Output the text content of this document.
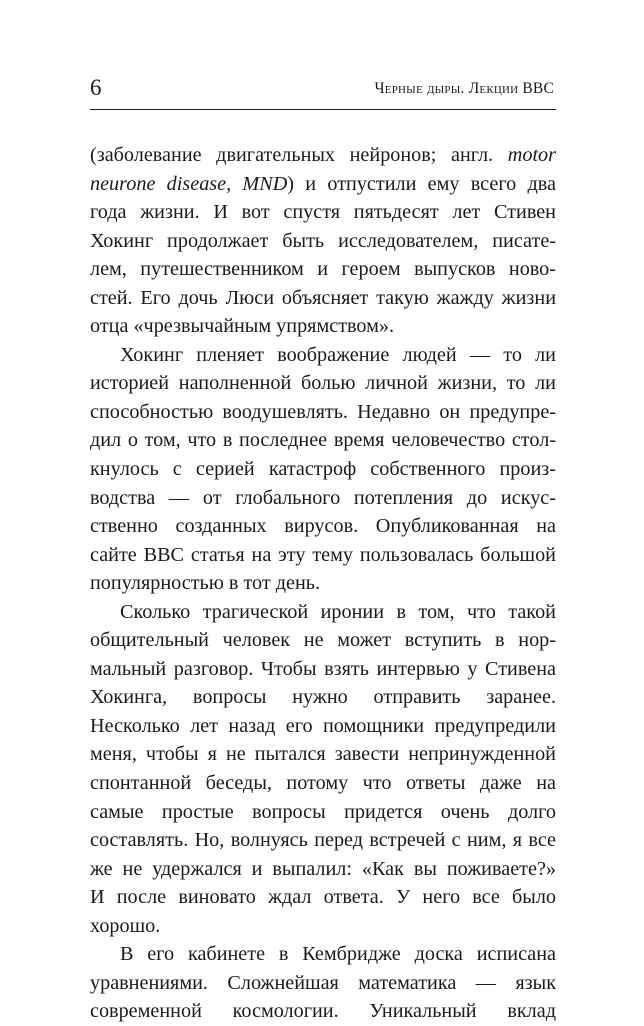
6	Черные дыры. Лекции BBC
(заболевание двигательных нейронов; англ. motor
neurone disease, MND) и отпустили ему всего два
года жизни. И вот спустя пятьдесят лет Стивен
Хокинг продолжает быть исследователем, писате-
лем, путешественником и героем выпусков ново-
стей. Его дочь Люси объясняет такую жажду жизни
отца «чрезвычайным упрямством».
Хокинг пленяет воображение людей — то ли
историей наполненной болью личной жизни, то ли
способностью воодушевлять. Недавно он предупре-
дил о том, что в последнее время человечество стол-
кнулось с серией катастроф собственного произ-
водства — от глобального потепления до искус-
ственно созданных вирусов. Опубликованная на
сайте BBC статья на эту тему пользовалась большой
популярностью в тот день.
Сколько трагической иронии в том, что такой
общительный человек не может вступить в нор-
мальный разговор. Чтобы взять интервью у Стивена
Хокинга, вопросы нужно отправить заранее.
Несколько лет назад его помощники предупредили
меня, чтобы я не пытался завести непринужденной
спонтанной беседы, потому что ответы даже на
самые простые вопросы придется очень долго
составлять. Но, волнуясь перед встречей с ним, я все
же не удержался и выпалил: «Как вы поживаете?»
И после виновато ждал ответа. У него все было
хорошо.
В его кабинете в Кембридже доска исписана
уравнениями. Сложнейшая математика — язык
современной космологии. Уникальный вклад
